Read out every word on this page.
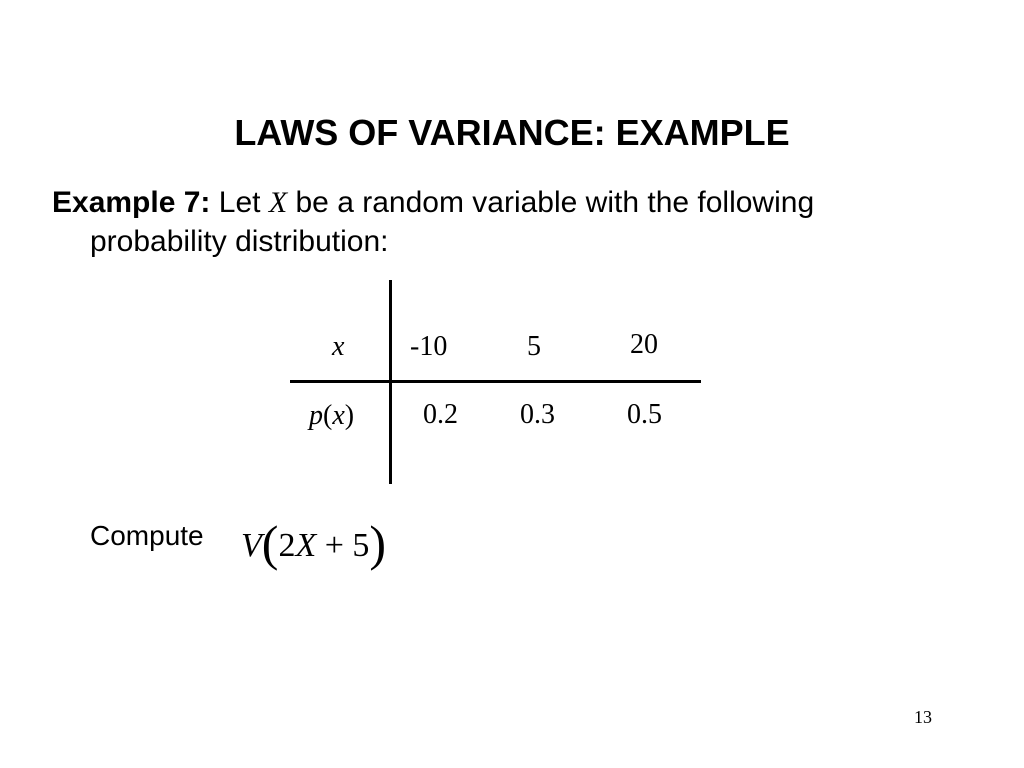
LAWS OF VARIANCE: EXAMPLE

Example 7: Let X be a random variable with the following
probability distribution:

x -10	5	20
p(x) 0.2 0.3	0.5
Compute V(2X + 5)
13
